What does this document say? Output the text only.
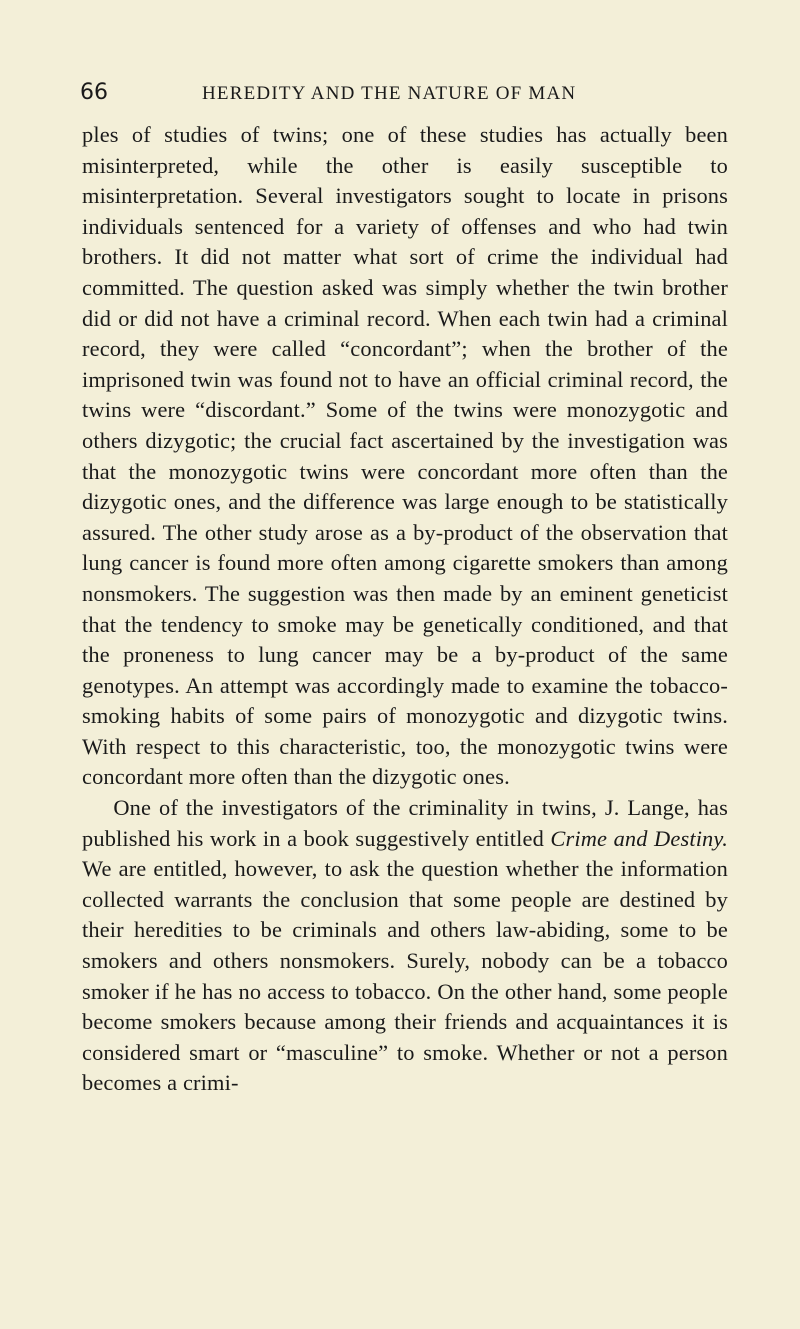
66	HEREDITY AND THE NATURE OF MAN

ples of studies of twins; one of these studies has actually been misinterpreted, while the other is easily susceptible to misinterpretation. Several investigators sought to locate in prisons individuals sentenced for a variety of offenses and who had twin brothers. It did not matter what sort of crime the individual had committed. The question asked was simply whether the twin brother did or did not have a criminal record. When each twin had a criminal record, they were called “concordant”; when the brother of the imprisoned twin was found not to have an official criminal record, the twins were “discordant.” Some of the twins were monozygotic and others dizygotic; the crucial fact ascertained by the investigation was that the monozygotic twins were concordant more often than the dizygotic ones, and the difference was large enough to be statistically assured. The other study arose as a by-product of the observation that lung cancer is found more often among cigarette smokers than among nonsmokers. The suggestion was then made by an eminent geneticist that the tendency to smoke may be genetically conditioned, and that the proneness to lung cancer may be a by-product of the same genotypes. An attempt was accordingly made to examine the tobacco-smoking habits of some pairs of monozygotic and dizygotic twins. With respect to this characteristic, too, the monozygotic twins were concordant more often than the dizygotic ones.

One of the investigators of the criminality in twins, J. Lange, has published his work in a book suggestively entitled Crime and Destiny. We are entitled, however, to ask the question whether the information collected warrants the conclusion that some people are destined by their heredities to be criminals and others law-abiding, some to be smokers and others nonsmokers. Surely, nobody can be a tobacco smoker if he has no access to tobacco. On the other hand, some people become smokers because among their friends and acquaintances it is considered smart or “masculine” to smoke. Whether or not a person becomes a crimi-
